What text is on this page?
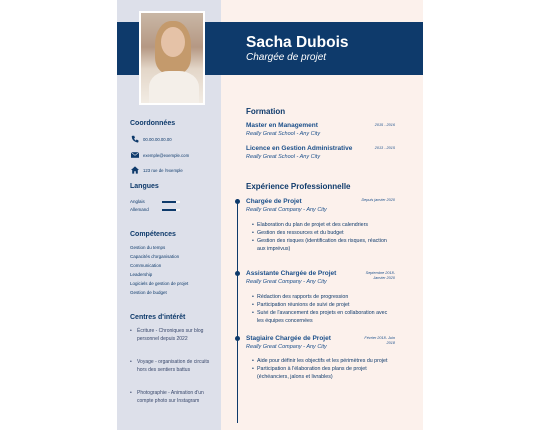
Sacha Dubois
Chargée de projet
Coordonnées
00.00.00.00.00
exemple@exemple.com
123 rue de l'exemple
Langues
Anglais
Allemand
Compétences
Gestion du temps
Capacités d'organisation
Communication
Leadership
Logiciels de gestion de projet
Gestion de budget
Centres d'intérêt
• Écriture - Chroniques sur blog personnel depuis 2022
• Voyage - organisation de circuits hors des sentiers battus
• Photographie - Animation d'un compte photo sur Instagram
Formation
Master en Management
Really Great School - Any City
2015 - 2016
Licence en Gestion Administrative
Really Great School - Any City
2013 - 2015
Expérience Professionnelle
Chargée de Projet
Really Great Company - Any City
Depuis janvier 2020
• Elaboration du plan de projet et des calendriers
• Gestion des ressources et du budget
• Gestion des risques (identification des risques, réaction aux imprévus)
Assistante Chargée de Projet
Really Great Company - Any City
Septembre 2018- Janvier 2020
• Rédaction des rapports de progression
• Participation réunions de suivi de projet
• Suivi de l'avancement des projets en collaboration avec les équipes concernées
Stagiaire Chargée de Projet
Really Great Company - Any City
Février 2018- Juin 2018
• Aide pour définir les objectifs et les périmètres du projet
• Participation à l'élaboration des plans de projet (échéanciers, jalons et livrables)
